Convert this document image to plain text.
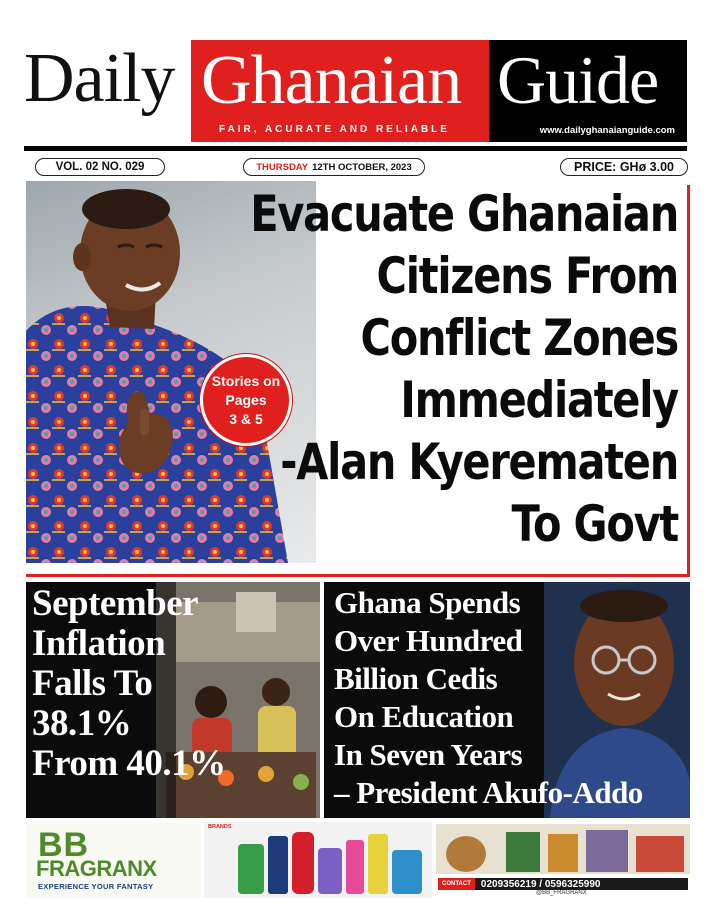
Daily Ghanaian
FAIR, ACURATE AND RELIABLE
Guide
www.dailyghanaianguide.com
VOL. 02 NO. 029	THURSDAY 12TH OCTOBER, 2023	PRICE: GHø 3.00
Evacuate Ghanaian
Citizens From
Conflict Zones
Immediately
-Alan Kyerematen
To Govt
Stories on
Pages
3 & 5
September
Inflation
Falls To
38.1%
From 40.1%
Ghana Spends
Over Hundred
Billion Cedis
On Education
In Seven Years
– President Akufo-Addo
BB
FRAGRANX
EXPERIENCE YOUR FANTASY
BRANDS
CONTACT	0209356219 / 0596325990
@BB_FRAGRANX
